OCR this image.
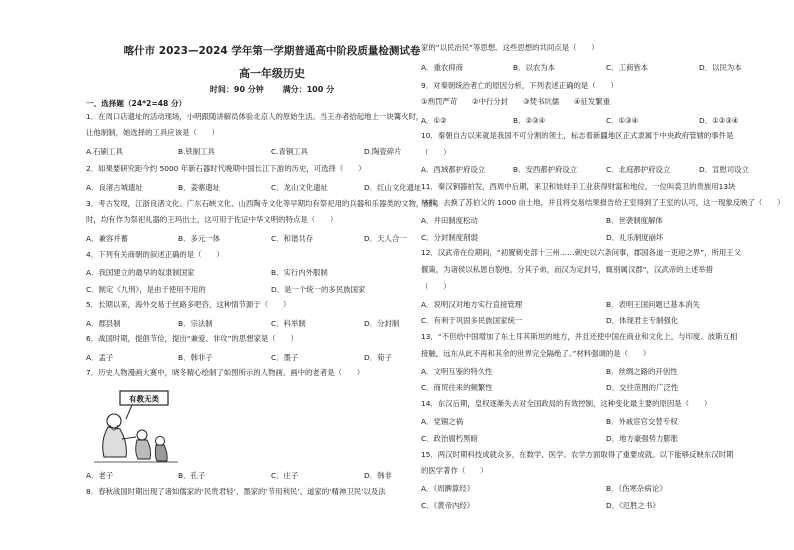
喀什市 2023—2024 学年第一学期普通高中阶段质量检测试卷
高一年级历史
时间：90 分钟 满分：100 分
一、选择题（24*2=48 分）
1．在周口店遗址的活动现场，小明跟随讲解员体验北京人的原始生活。当王亦者拾起地上一块篝火时，
让他制制，她选择的工具应该是（　　）
A.石刷工具	B.铁制工具	C.青铜工具	D.陶瓷碎片
2．如果要研究距今约 5000 年新石器时代晚期中国长江下游的历史，可选择（　　）
A．良渚古城遗址	B．姜寨遗址	C．龙山文化遗址	D．红山文化遗址
3．考古发现，江浙良渚文化、广东石峡文化、山西陶寺文化等早期均有祭祀用的兵器和乐器类的文物，而同
时，均有作为祭祀礼器的王玛出土，这可用于佐证中华文明的特点是（　　）
A．兼容并蓄	B．多元一体	C．和谐共存	D．天人合一
4．下列有关商朝的叙述正确的是（　　）
A．我国建立的最早的奴隶制国家	B．实行内外服制
C．制定《九刑》，是由于使用不用的	D．是一个统一的多民族国家
5．长期以来，海外交易于丝路多吧咨，这种情节源于（　　）
A．郡县制	B．宗法制	C．科举制	D．分封制
6．战国时期，提倡节俭，提出“兼爱、非攻”的思想家是（　　）
A．孟子	B．韩非子	C．墨子	D．荀子
7．历史人物漫画大赛中，晓冬精心绘制了如图所示的人物画。画中的老者是（　　）
有教无类
A．老子	B．孔子	C．庄子	D．韩非
8．春秋战国时期出现了诸如儒家的‘民贵君轻’、墨家的‘节用利民’、道家的‘精神卫民’以及法
家的“以民治民”等思想。这些思想的共同点是（　　）
A．重农抑商	B．以农为本	C．工商皆本	D．以民为本
9．对秦朝统治者亡的原因分析，下列表述正确的是（　　）
①刑罚严苛　　②中行分封　　③焚书坑儒　　④征发繁重
A．①②	B．②③④	C．①③④	D．①②③④
10．秦朝自古以来就是我国不可分割的领土，标志着新疆地区正式隶属于中央政府管辖的事件是
（　　）
A．西域都护府设立	B．安西都护府设立	C．北庭都护府设立	D．宣慰司设立
11．秦汉铜器拍发，西周中后期，来卫和娃娃手工业获得财富和地位，一位叫裘卫的贵族用13块
林料，去换了苏伯父的 1000 亩土地，并且将交易结果报告给王室得到了王室的认可，这一现象反映了（　　）
A．井田制度松动	B．世袭制度解体
C．分封制度削弱	D．礼乐制度崩坏
12．汉武帝在位期间，“初置刺史部十三州……刺史以六条问事，郡国各道一吏迎之界”，所用王父
偃策，为诸侯以私恩自裂地，分其子弟，而汉为定封号，辄别属汉郡”，汉武帝的上述举措
（　　）
A．说明汉对地方实行直接管理	B．表明王国问题已基本消失
C．有利于巩固多民族国家统一	D．体现君主专制强化
13．“不但给中国增加了东土耳其斯坦的地方，并且还使中国在商业和文化上，与印度、波斯互相
接触。远东从此不再和其余的世界完全隔绝了。”材料强调的是（　　）
A．文明互鉴的特久性	B．丝绸之路的开创性
C．商贸往来的频繁性	D．交往范围的广泛性
14．东汉后期，皇权逐渐失去对全国政局的有效控制，这种变化最主要的原因是（　　）
A．党锢之祸	B．外戚宦官交替专权
C．政治腐朽黑暗	D．地方豪强势力膨胀
15．两汉时期科技成就众多，在数学、医学、农学方面取得了重要成就。以下能够反映东汉时期
的医学著作（　　）
A．《周髀算经》	B．《伤寒杂病论》
C．《黄帝内经》	D．《氾胜之书》
